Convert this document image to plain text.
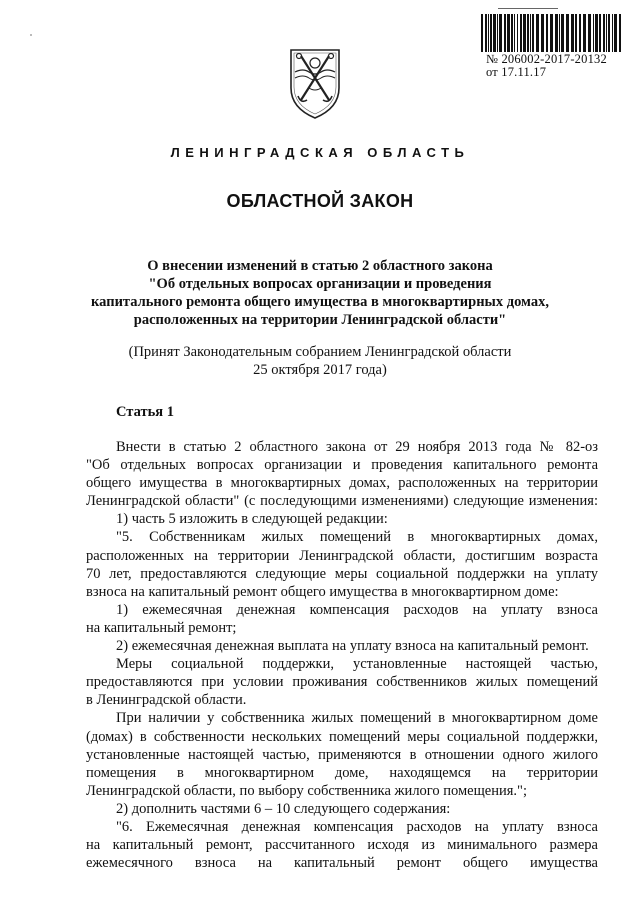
№ 206002-2017-20132
от 17.11.17
ЛЕНИНГРАДСКАЯ ОБЛАСТЬ
ОБЛАСТНОЙ ЗАКОН
О внесении изменений в статью 2 областного закона
"Об отдельных вопросах организации и проведения
капитального ремонта общего имущества в многоквартирных домах,
расположенных на территории Ленинградской области"
(Принят Законодательным собранием Ленинградской области
25 октября 2017 года)
Статья 1
Внести в статью 2 областного закона от 29 ноября 2013 года № 82-оз
"Об отдельных вопросах организации и проведения капитального ремонта
общего имущества в многоквартирных домах, расположенных на территории
Ленинградской области" (с последующими изменениями) следующие изменения:
1) часть 5 изложить в следующей редакции:
"5. Собственникам жилых помещений в многоквартирных домах,
расположенных на территории Ленинградской области, достигшим возраста
70 лет, предоставляются следующие меры социальной поддержки на уплату
взноса на капитальный ремонт общего имущества в многоквартирном доме:
1) ежемесячная денежная компенсация расходов на уплату взноса
на капитальный ремонт;
2) ежемесячная денежная выплата на уплату взноса на капитальный ремонт.
Меры социальной поддержки, установленные настоящей частью,
предоставляются при условии проживания собственников жилых помещений
в Ленинградской области.
При наличии у собственника жилых помещений в многоквартирном доме
(домах) в собственности нескольких помещений меры социальной поддержки,
установленные настоящей частью, применяются в отношении одного жилого
помещения в многоквартирном доме, находящемся на территории
Ленинградской области, по выбору собственника жилого помещения.";
2) дополнить частями 6 – 10 следующего содержания:
"6. Ежемесячная денежная компенсация расходов на уплату взноса
на капитальный ремонт, рассчитанного исходя из минимального размера
ежемесячного взноса на капитальный ремонт общего имущества
